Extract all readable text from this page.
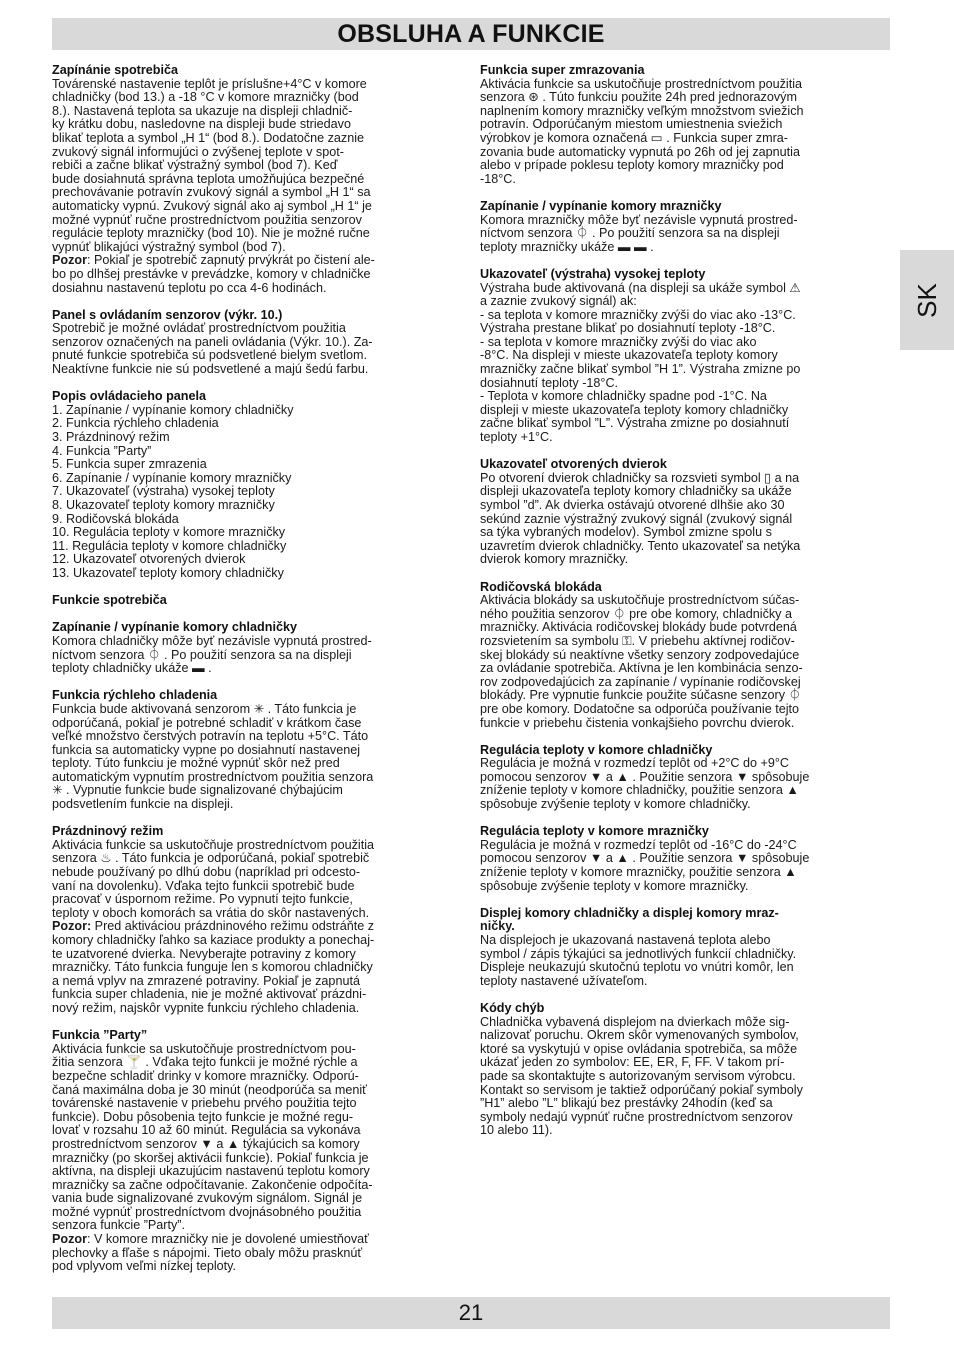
OBSLUHA A FUNKCIE
SK
Zapínánie spotrebiča
Továrenské nastavenie teplôt je príslušne+4°C v komore
chladničky (bod 13.) a -18 °C v komore mrazničky (bod
8.). Nastavená teplota sa ukazuje na displeji chladnič-
ky krátku dobu, nasledovne na displeji bude striedavo
blikať teplota a symbol „H 1“ (bod 8.). Dodatočne zaznie
zvukový signál informujúci o zvýšenej teplote v spot-
rebiči a začne blikať výstražný symbol (bod 7). Keď
bude dosiahnutá správna teplota umožňujúca bezpečné
prechovávanie potravín zvukový signál a symbol „H 1“ sa
automaticky vypnú. Zvukový signál ako aj symbol „H 1“ je
možné vypnúť ručne prostredníctvom použitia senzorov
regulácie teploty mrazničky (bod 10). Nie je možné ručne
vypnúť blikajúci výstražný symbol (bod 7).
Pozor: Pokiaľ je spotrebič zapnutý prvýkrát po čistení ale-
bo po dlhšej prestávke v prevádzke, komory v chladničke
dosiahnu nastavenú teplotu po cca 4-6 hodinách.
Panel s ovládaním senzorov (výkr. 10.)
Spotrebič je možné ovládať prostredníctvom použitia
senzorov označených na paneli ovládania (Výkr. 10.). Za-
pnuté funkcie spotrebiča sú podsvetlené bielym svetlom.
Neaktívne funkcie nie sú podsvetlené a majú šedú farbu.
Popis ovládacieho panela
1. Zapínanie / vypínanie komory chladničky
2. Funkcia rýchleho chladenia
3. Prázdninový režim
4. Funkcia ”Party”
5. Funkcia super zmrazenia
6. Zapínanie / vypínanie komory mrazničky
7. Ukazovateľ (výstraha) vysokej teploty
8. Ukazovateľ teploty komory mrazničky
9. Rodičovská blokáda
10. Regulácia teploty v komore mrazničky
11. Regulácia teploty v komore chladničky
12. Ukazovateľ otvorených dvierok
13. Ukazovateľ teploty komory chladničky
Funkcie spotrebiča
Zapínanie / vypínanie komory chladničky
Komora chladničky môže byť nezávisle vypnutá prostred-
níctvom senzora ⏀ . Po použití senzora sa na displeji
teploty chladničky ukáže ▬ .
Funkcia rýchleho chladenia
Funkcia bude aktivovaná senzorom ✳ . Táto funkcia je
odporúčaná, pokiaľ je potrebné schladiť v krátkom čase
veľké množstvo čerstvých potravín na teplotu +5°C. Táto
funkcia sa automaticky vypne po dosiahnutí nastavenej
teploty. Túto funkciu je možné vypnúť skôr než pred
automatickým vypnutím prostredníctvom použitia senzora
✳ . Vypnutie funkcie bude signalizované chýbajúcim
podsvetlením funkcie na displeji.
Prázdninový režim
Aktivácia funkcie sa uskutočňuje prostredníctvom použitia
senzora ♨ . Táto funkcia je odporúčaná, pokiaľ spotrebič
nebude používaný po dlhú dobu (napríklad pri odcesto-
vaní na dovolenku). Vďaka tejto funkcii spotrebič bude
pracovať v úspornom režime. Po vypnutí tejto funkcie,
teploty v oboch komorách sa vrátia do skôr nastavených.
Pozor: Pred aktiváciou prázdninového režimu odstráňte z
komory chladničky ľahko sa kaziace produkty a ponechaj-
te uzatvorené dvierka. Nevyberajte potraviny z komory
mrazničky. Táto funkcia funguje len s komorou chladničky
a nemá vplyv na zmrazené potraviny. Pokiaľ je zapnutá
funkcia super chladenia, nie je možné aktivovať prázdni-
nový režim, najskôr vypnite funkciu rýchleho chladenia.
Funkcia ”Party”
Aktivácia funkcie sa uskutočňuje prostredníctvom pou-
žitia senzora 🍸 . Vďaka tejto funkcii je možné rýchle a
bezpečne schladiť drinky v komore mrazničky. Odporú-
čaná maximálna doba je 30 minút (neodporúča sa meniť
továrenské nastavenie v priebehu prvého použitia tejto
funkcie). Dobu pôsobenia tejto funkcie je možné regu-
lovať v rozsahu 10 až 60 minút. Regulácia sa vykonáva
prostredníctvom senzorov ▼ a ▲ týkajúcich sa komory
mrazničky (po skoršej aktivácii funkcie). Pokiaľ funkcia je
aktívna, na displeji ukazujúcim nastavenú teplotu komory
mrazničky sa začne odpočítavanie. Zakončenie odpočíta-
vania bude signalizované zvukovým signálom. Signál je
možné vypnúť prostredníctvom dvojnásobného použitia
senzora funkcie ”Party”.
Pozor: V komore mrazničky nie je dovolené umiestňovať
plechovky a fľaše s nápojmi. Tieto obaly môžu prasknúť
pod vplyvom veľmi nízkej teploty.
Funkcia super zmrazovania
Aktivácia funkcie sa uskutočňuje prostredníctvom použitia
senzora ⊛ . Túto funkciu použite 24h pred jednorazovým
naplnením komory mrazničky veľkým množstvom sviežich
potravín. Odporúčaným miestom umiestnenia sviežich
výrobkov je komora označená ▭ . Funkcia super zmra-
zovania bude automaticky vypnutá po 26h od jej zapnutia
alebo v prípade poklesu teploty komory mrazničky pod
-18°C.
Zapínanie / vypínanie komory mrazničky
Komora mrazničky môže byť nezávisle vypnutá prostred-
níctvom senzora ⏀ . Po použití senzora sa na displeji
teploty mrazničky ukáže ▬ ▬ .
Ukazovateľ (výstraha) vysokej teploty
Výstraha bude aktivovaná (na displeji sa ukáže symbol ⚠
a zaznie zvukový signál) ak:
- sa teplota v komore mrazničky zvýši do viac ako -13°C.
Výstraha prestane blikať po dosiahnutí teploty -18°C.
- sa teplota v komore mrazničky zvýši do viac ako
-8°C. Na displeji v mieste ukazovateľa teploty komory
mrazničky začne blikať symbol ”H 1”. Výstraha zmizne po
dosiahnutí teploty -18°C.
- Teplota v komore chladničky spadne pod -1°C. Na
displeji v mieste ukazovateľa teploty komory chladničky
začne blikať symbol ”L”. Výstraha zmizne po dosiahnutí
teploty +1°C.
Ukazovateľ otvorených dvierok
Po otvorení dvierok chladničky sa rozsvieti symbol ▯ a na
displeji ukazovateľa teploty komory chladničky sa ukáže
symbol ”d”. Ak dvierka ostávajú otvorené dlhšie ako 30
sekúnd zaznie výstražný zvukový signál (zvukový signál
sa týka vybraných modelov). Symbol zmizne spolu s
uzavretím dvierok chladničky. Tento ukazovateľ sa netýka
dvierok komory mrazničky.
Rodičovská blokáda
Aktivácia blokády sa uskutočňuje prostredníctvom súčas-
ného použitia senzorov ⏀ pre obe komory, chladničky a
mrazničky. Aktivácia rodičovskej blokády bude potvrdená
rozsvietením sa symbolu ⚿. V priebehu aktívnej rodičov-
skej blokády sú neaktívne všetky senzory zodpovedajúce
za ovládanie spotrebiča. Aktívna je len kombinácia senzo-
rov zodpovedajúcich za zapínanie / vypínanie rodičovskej
blokády. Pre vypnutie funkcie použite súčasne senzory ⏀
pre obe komory. Dodatočne sa odporúča používanie tejto
funkcie v priebehu čistenia vonkajšieho povrchu dvierok.
Regulácia teploty v komore chladničky
Regulácia je možná v rozmedzí teplôt od +2°C do +9°C
pomocou senzorov ▼ a ▲ . Použitie senzora ▼ spôsobuje
zníženie teploty v komore chladničky, použitie senzora ▲
spôsobuje zvýšenie teploty v komore chladničky.
Regulácia teploty v komore mrazničky
Regulácia je možná v rozmedzí teplôt od -16°C do -24°C
pomocou senzorov ▼ a ▲ . Použitie senzora ▼ spôsobuje
zníženie teploty v komore mrazničky, použitie senzora ▲
spôsobuje zvýšenie teploty v komore mrazničky.
Displej komory chladničky a displej komory mraz-
ničky.
Na displejoch je ukazovaná nastavená teplota alebo
symbol / zápis týkajúci sa jednotlivých funkcií chladničky.
Displeje neukazujú skutočnú teplotu vo vnútri komôr, len
teploty nastavené užívateľom.
Kódy chýb
Chladnička vybavená displejom na dvierkach môže sig-
nalizovať poruchu. Okrem skôr vymenovaných symbolov,
ktoré sa vyskytujú v opise ovládania spotrebiča, sa môže
ukázať jeden zo symbolov: EE, ER, F, FF. V takom prí-
pade sa skontaktujte s autorizovaným servisom výrobcu.
Kontakt so servisom je taktiež odporúčaný pokiaľ symboly
”H1” alebo ”L” blikajú bez prestávky 24hodín (keď sa
symboly nedajú vypnúť ručne prostredníctvom senzorov
10 alebo 11).
21
